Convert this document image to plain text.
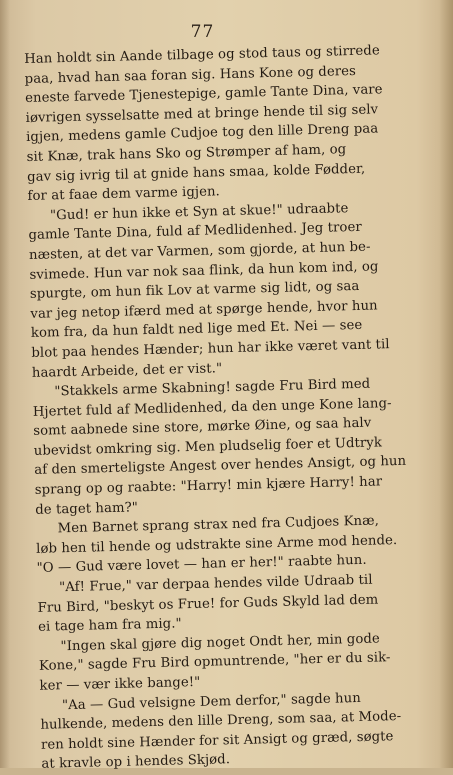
77
Han holdt sin Aande tilbage og stod taus og stirrede
paa, hvad han saa foran sig. Hans Kone og deres
eneste farvede Tjenestepige, gamle Tante Dina, vare
iøvrigen sysselsatte med at bringe hende til sig selv
igjen, medens gamle Cudjoe tog den lille Dreng paa
sit Knæ, trak hans Sko og Strømper af ham, og
gav sig ivrig til at gnide hans smaa, kolde Fødder,
for at faae dem varme igjen.
"Gud! er hun ikke et Syn at skue!" udraabte
gamle Tante Dina, fuld af Medlidenhed. Jeg troer
næsten, at det var Varmen, som gjorde, at hun be-
svimede. Hun var nok saa flink, da hun kom ind, og
spurgte, om hun fik Lov at varme sig lidt, og saa
var jeg netop ifærd med at spørge hende, hvor hun
kom fra, da hun faldt ned lige med Et. Nei — see
blot paa hendes Hænder; hun har ikke været vant til
haardt Arbeide, det er vist."
"Stakkels arme Skabning! sagde Fru Bird med
Hjertet fuld af Medlidenhed, da den unge Kone lang-
somt aabnede sine store, mørke Øine, og saa halv
ubevidst omkring sig. Men pludselig foer et Udtryk
af den smerteligste Angest over hendes Ansigt, og hun
sprang op og raabte: "Harry! min kjære Harry! har
de taget ham?"
Men Barnet sprang strax ned fra Cudjoes Knæ,
løb hen til hende og udstrakte sine Arme mod hende.
"O — Gud være lovet — han er her!" raabte hun.
"Af! Frue," var derpaa hendes vilde Udraab til
Fru Bird, "beskyt os Frue! for Guds Skyld lad dem
ei tage ham fra mig."
"Ingen skal gjøre dig noget Ondt her, min gode
Kone," sagde Fru Bird opmuntrende, "her er du sik-
ker — vær ikke bange!"
"Aa — Gud velsigne Dem derfor," sagde hun
hulkende, medens den lille Dreng, som saa, at Mode-
ren holdt sine Hænder for sit Ansigt og græd, søgte
at kravle op i hendes Skjød.
